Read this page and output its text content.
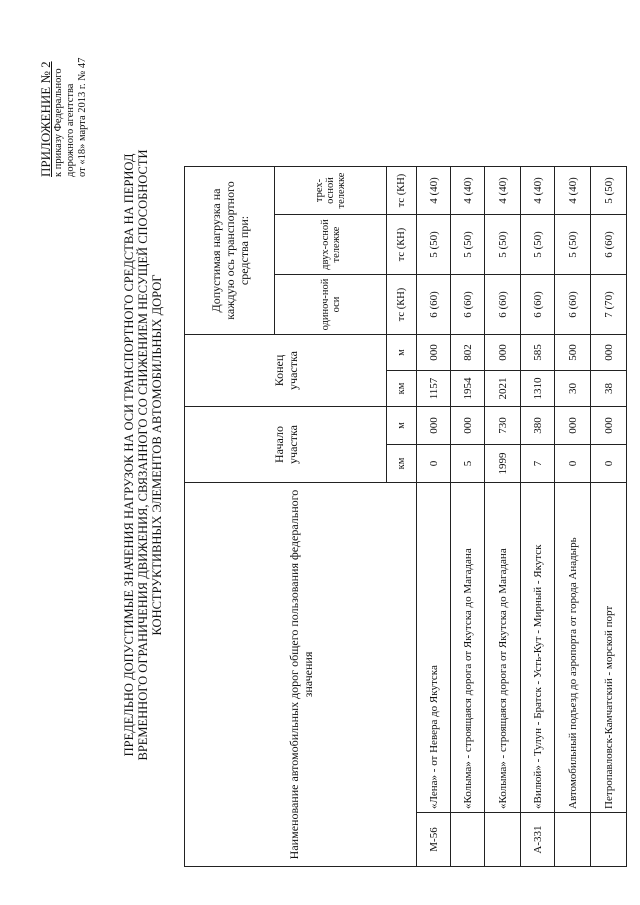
ПРИЛОЖЕНИЕ № 2 к приказу Федерального дорожного агентства от «18» марта 2013 г. № 47
ПРЕДЕЛЬНО ДОПУСТИМЫЕ ЗНАЧЕНИЯ НАГРУЗОК НА ОСИ ТРАНСПОРТНОГО СРЕДСТВА НА ПЕРИОД ВРЕМЕННОГО ОГРАНИЧЕНИЯ ДВИЖЕНИЯ, СВЯЗАННОГО СО СНИЖЕНИЕМ НЕСУЩЕЙ СПОСОБНОСТИ КОНСТРУКТИВНЫХ ЭЛЕМЕНТОВ АВТОМОБИЛЬНЫХ ДОРОГ
Наименование автомобильных дорог общего пользования федерального значения		Начало участка		Конец участка		Допустимая нагрузка на каждую ось транспортного средства при:		
						одиноч-ной оси	двух-осной тележке	трех-осной тележке
		км	м	км	м	тс (КН)	тс (КН)	тс (КН)
М-56	«Лена» - от Невера до Якутска	0	000	1157	000	6 (60)	5 (50)	4 (40)
	«Колыма» - строящаяся дорога от Якутска до Магадана	5	000	1954	802	6 (60)	5 (50)	4 (40)
	«Колыма» - строящаяся дорога от Якутска до Магадана	1999	730	2021	000	6 (60)	5 (50)	4 (40)
А-331	«Вилюй» - Тулун - Братск - Усть-Кут - Мирный - Якутск	7	380	1310	585	6 (60)	5 (50)	4 (40)
	Автомобильный подъезд до аэропорта от города Анадырь	0	000	30	500	6 (60)	5 (50)	4 (40)
	Петропавловск-Камчатский - морской порт	0	000	38	000	7 (70)	6 (60)	5 (50)
